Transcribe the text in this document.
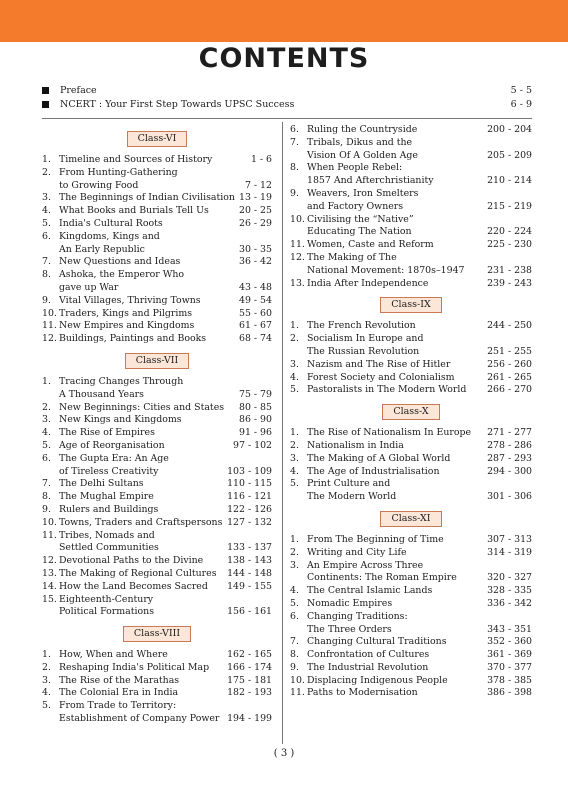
CONTENTS
Preface	5 - 5
NCERT : Your First Step Towards UPSC Success	6 - 9
Class-VI
1. Timeline and Sources of History	1 - 6
2. From Hunting-Gathering
to Growing Food	7 - 12
3. The Beginnings of Indian Civilisation 13 - 19
4. What Books and Burials Tell Us	20 - 25
5. India's Cultural Roots	26 - 29
6. Kingdoms, Kings and
An Early Republic	30 - 35
7. New Questions and Ideas	36 - 42
8. Ashoka, the Emperor Who
gave up War	43 - 48
9. Vital Villages, Thriving Towns	49 - 54
10. Traders, Kings and Pilgrims	55 - 60
11. New Empires and Kingdoms	61 - 67
12. Buildings, Paintings and Books	68 - 74
Class-VII
1. Tracing Changes Through
A Thousand Years	75 - 79
2. New Beginnings: Cities and States 80 - 85
3. New Kings and Kingdoms	86 - 90
4. The Rise of Empires	91 - 96
5. Age of Reorganisation	97 - 102
6. The Gupta Era: An Age
of Tireless Creativity	103 - 109
7. The Delhi Sultans	110 - 115
8. The Mughal Empire	116 - 121
9. Rulers and Buildings	122 - 126
10. Towns, Traders and Craftspersons 127 - 132
11. Tribes, Nomads and
Settled Communities	133 - 137
12. Devotional Paths to the Divine	138 - 143
13. The Making of Regional Cultures 144 - 148
14. How the Land Becomes Sacred 149 - 155
15. Eighteenth-Century
Political Formations	156 - 161
Class-VIII
1. How, When and Where	162 - 165
2. Reshaping India's Political Map 166 - 174
3. The Rise of the Marathas	175 - 181
4. The Colonial Era in India	182 - 193
5. From Trade to Territory:
Establishment of Company Power 194 - 199
6. Ruling the Countryside	200 - 204
7. Tribals, Dikus and the
Vision Of A Golden Age	205 - 209
8. When People Rebel:
1857 And Afterchristianity	210 - 214
9. Weavers, Iron Smelters
and Factory Owners	215 - 219
10. Civilising the “Native”
Educating The Nation	220 - 224
11. Women, Caste and Reform	225 - 230
12. The Making of The
National Movement: 1870s–1947 231 - 238
13. India After Independence	239 - 243
Class-IX
1. The French Revolution	244 - 250
2. Socialism In Europe and
The Russian Revolution	251 - 255
3. Nazism and The Rise of Hitler	256 - 260
4. Forest Society and Colonialism	261 - 265
5. Pastoralists in The Modern World 266 - 270
Class-X
1. The Rise of Nationalism In Europe 271 - 277
2. Nationalism in India	278 - 286
3. The Making of A Global World	287 - 293
4. The Age of Industrialisation	294 - 300
5. Print Culture and
The Modern World	301 - 306
Class-XI
1. From The Beginning of Time	307 - 313
2. Writing and City Life	314 - 319
3. An Empire Across Three
Continents: The Roman Empire	320 - 327
4. The Central Islamic Lands	328 - 335
5. Nomadic Empires	336 - 342
6. Changing Traditions:
The Three Orders	343 - 351
7. Changing Cultural Traditions	352 - 360
8. Confrontation of Cultures	361 - 369
9. The Industrial Revolution	370 - 377
10. Displacing Indigenous People	378 - 385
11. Paths to Modernisation	386 - 398
( 3 )
